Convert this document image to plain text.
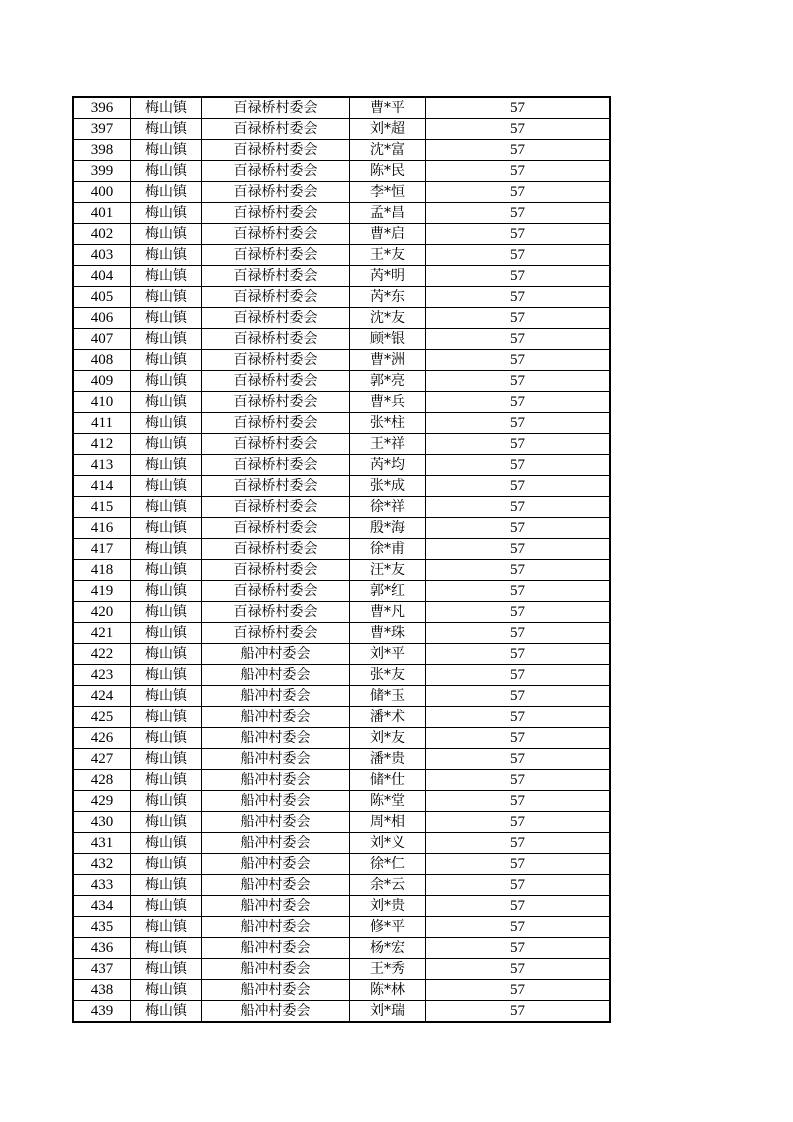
396	梅山镇	百禄桥村委会	曹*平	57
397	梅山镇	百禄桥村委会	刘*超	57
398	梅山镇	百禄桥村委会	沈*富	57
399	梅山镇	百禄桥村委会	陈*民	57
400	梅山镇	百禄桥村委会	李*恒	57
401	梅山镇	百禄桥村委会	孟*昌	57
402	梅山镇	百禄桥村委会	曹*启	57
403	梅山镇	百禄桥村委会	王*友	57
404	梅山镇	百禄桥村委会	芮*明	57
405	梅山镇	百禄桥村委会	芮*东	57
406	梅山镇	百禄桥村委会	沈*友	57
407	梅山镇	百禄桥村委会	顾*银	57
408	梅山镇	百禄桥村委会	曹*洲	57
409	梅山镇	百禄桥村委会	郭*亮	57
410	梅山镇	百禄桥村委会	曹*兵	57
411	梅山镇	百禄桥村委会	张*柱	57
412	梅山镇	百禄桥村委会	王*祥	57
413	梅山镇	百禄桥村委会	芮*均	57
414	梅山镇	百禄桥村委会	张*成	57
415	梅山镇	百禄桥村委会	徐*祥	57
416	梅山镇	百禄桥村委会	殷*海	57
417	梅山镇	百禄桥村委会	徐*甫	57
418	梅山镇	百禄桥村委会	汪*友	57
419	梅山镇	百禄桥村委会	郭*红	57
420	梅山镇	百禄桥村委会	曹*凡	57
421	梅山镇	百禄桥村委会	曹*珠	57
422	梅山镇	船冲村委会	刘*平	57
423	梅山镇	船冲村委会	张*友	57
424	梅山镇	船冲村委会	储*玉	57
425	梅山镇	船冲村委会	潘*术	57
426	梅山镇	船冲村委会	刘*友	57
427	梅山镇	船冲村委会	潘*贵	57
428	梅山镇	船冲村委会	储*仕	57
429	梅山镇	船冲村委会	陈*堂	57
430	梅山镇	船冲村委会	周*相	57
431	梅山镇	船冲村委会	刘*义	57
432	梅山镇	船冲村委会	徐*仁	57
433	梅山镇	船冲村委会	余*云	57
434	梅山镇	船冲村委会	刘*贵	57
435	梅山镇	船冲村委会	修*平	57
436	梅山镇	船冲村委会	杨*宏	57
437	梅山镇	船冲村委会	王*秀	57
438	梅山镇	船冲村委会	陈*林	57
439	梅山镇	船冲村委会	刘*瑞	57
